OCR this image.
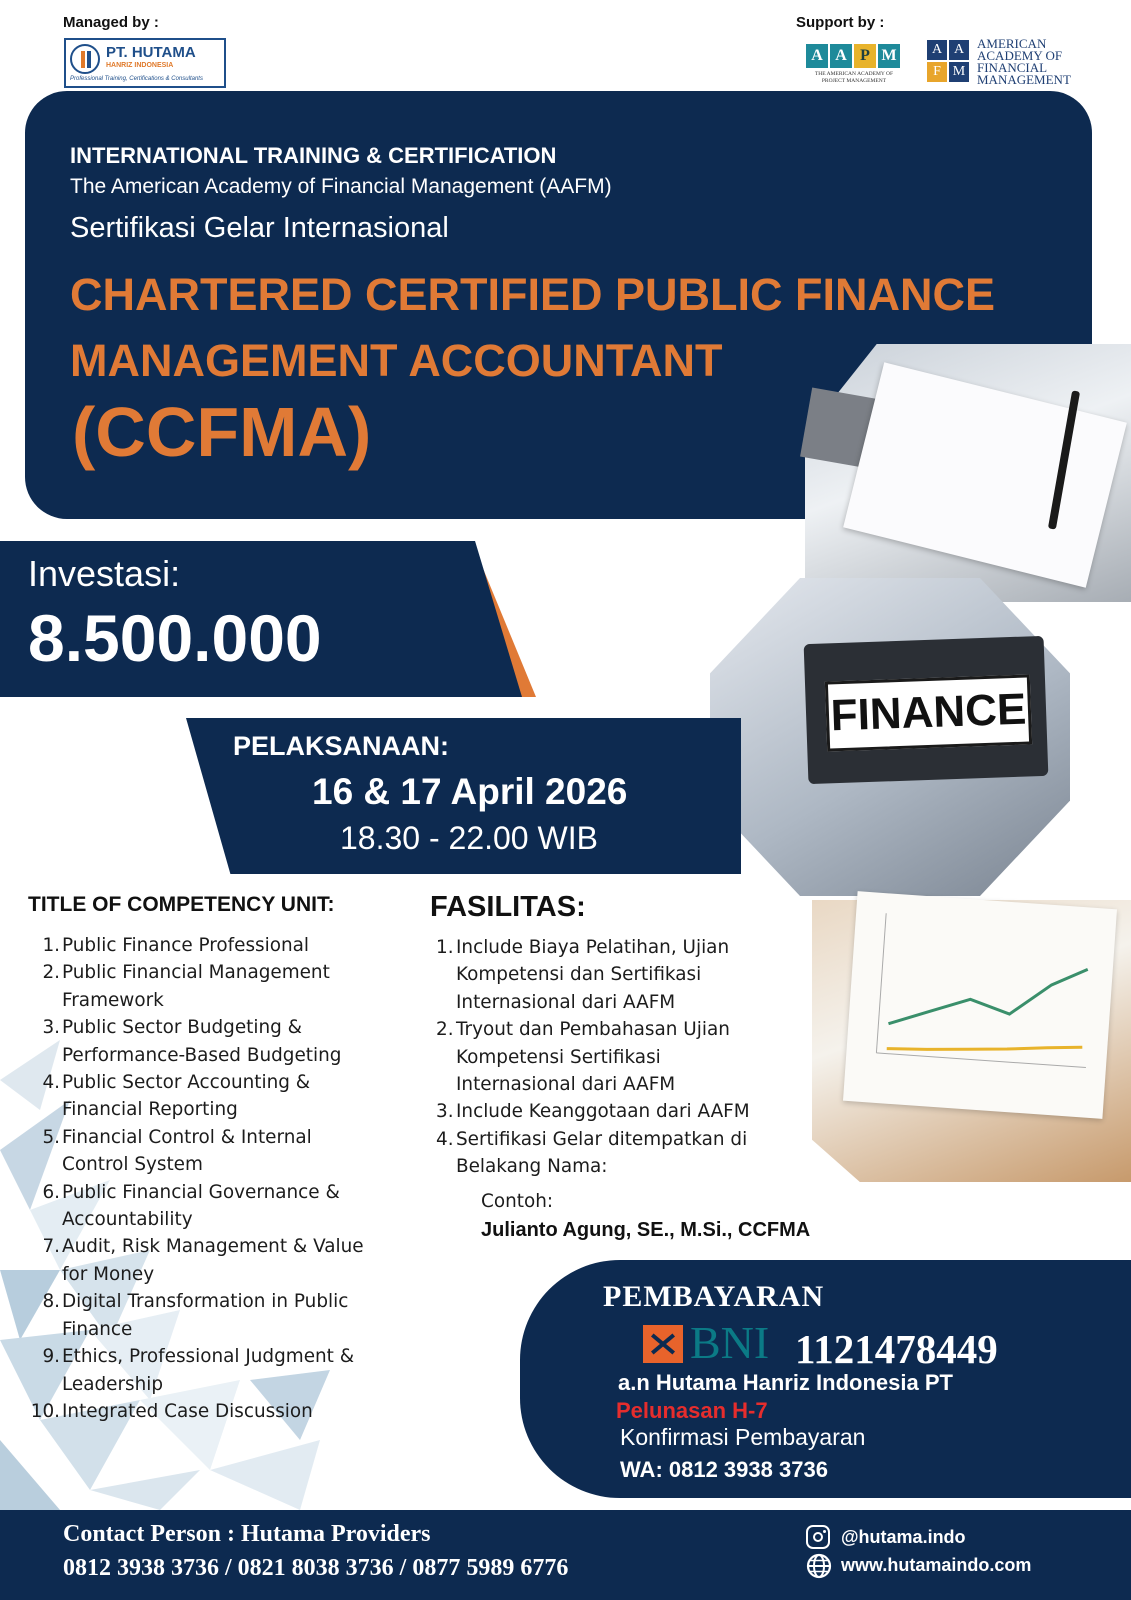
Managed by :	Support by :
PT. HUTAMA
HANRIZ INDONESIA
Professional Training, Certifications & Consultants
A A P M
THE AMERICAN ACADEMY OF PROJECT MANAGEMENT
A A
F M
AMERICAN
ACADEMY OF
FINANCIAL
MANAGEMENT
INTERNATIONAL TRAINING & CERTIFICATION
The American Academy of Financial Management (AAFM)
Sertifikasi Gelar Internasional
CHARTERED CERTIFIED PUBLIC FINANCE MANAGEMENT ACCOUNTANT
(CCFMA)
FINANCE
Investasi:
8.500.000
PELAKSANAAN:
16 & 17 April 2026
18.30 - 22.00 WIB
TITLE OF COMPETENCY UNIT:
1. Public Finance Professional
2. Public Financial Management
Framework
3. Public Sector Budgeting &
Performance-Based Budgeting
4. Public Sector Accounting &
Financial Reporting
5. Financial Control & Internal
Control System
6. Public Financial Governance &
Accountability
7. Audit, Risk Management & Value
for Money
8. Digital Transformation in Public
Finance
9. Ethics, Professional Judgment &
Leadership
10. Integrated Case Discussion
FASILITAS:
1. Include Biaya Pelatihan, Ujian
Kompetensi dan Sertifikasi
Internasional dari AAFM
2. Tryout dan Pembahasan Ujian
Kompetensi Sertifikasi
Internasional dari AAFM
3. Include Keanggotaan dari AAFM
4. Sertifikasi Gelar ditempatkan di
Belakang Nama:
Contoh:
Julianto Agung, SE., M.Si., CCFMA
PEMBAYARAN
BNI 1121478449
a.n Hutama Hanriz Indonesia PT
Pelunasan H-7
Konfirmasi Pembayaran
WA: 0812 3938 3736
Contact Person : Hutama Providers
0812 3938 3736 / 0821 8038 3736 / 0877 5989 6776
@hutama.indo
www.hutamaindo.com
